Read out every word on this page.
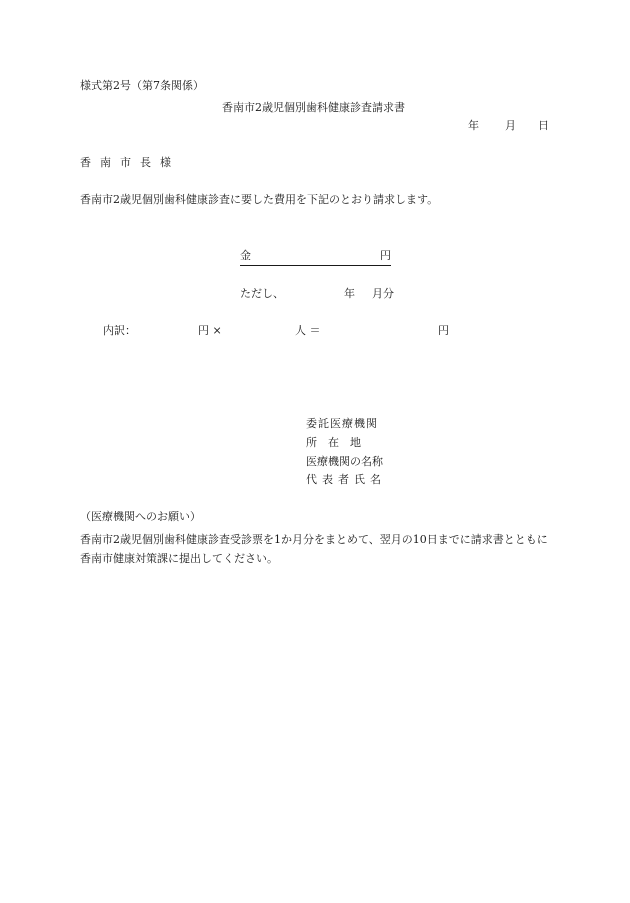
様式第2号（第7条関係）
香南市2歳児個別歯科健康診査請求書
年 月 日
香南市長様
香南市2歳児個別歯科健康診査に要した費用を下記のとおり請求します。
金	円
ただし、	年 月分
内訳：	円 ×	人 ＝	円
委託医療機関
所　在　地
医療機関の名称
代表者氏名
（医療機関へのお願い）
香南市2歳児個別歯科健康診査受診票を1か月分をまとめて、翌月の10日までに請求書とともに香南市健康対策課に提出してください。
